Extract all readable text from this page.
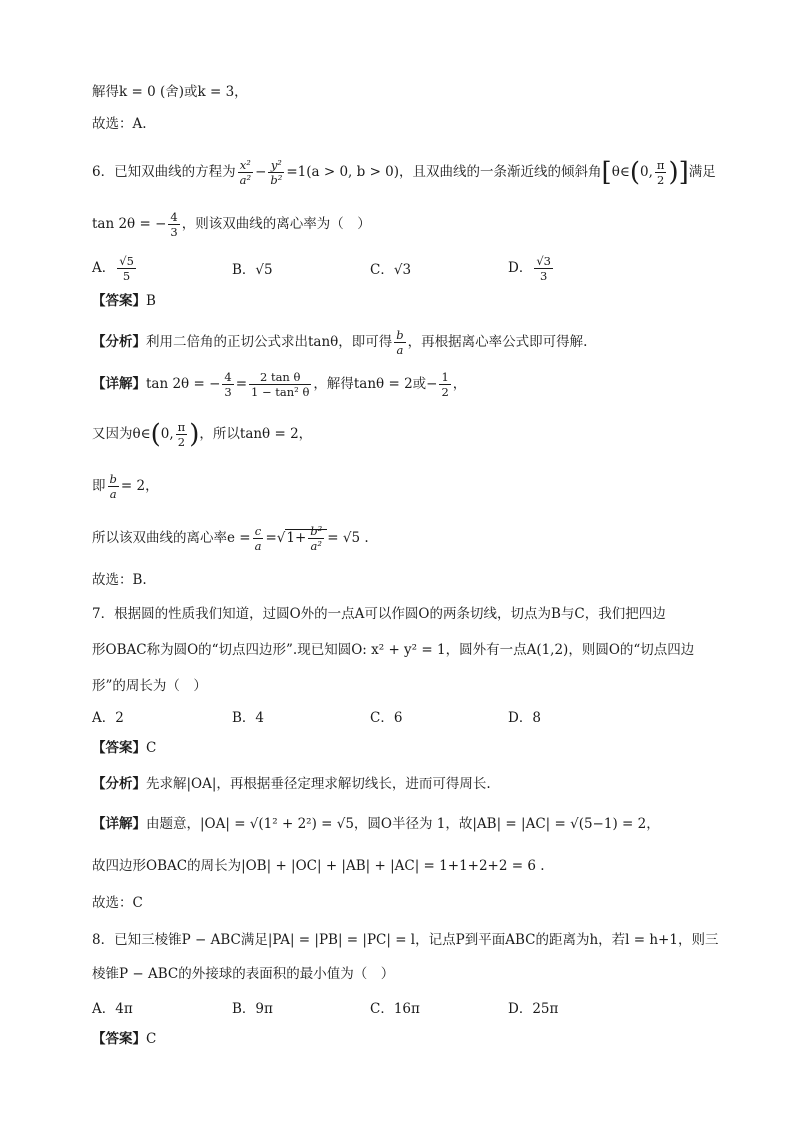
解得k = 0 (舍)或k = 3，
故选：A.
6．已知双曲线的方程为 $\frac{\text{x²}}{\text{a²}} - \frac{\text{y²}}{\text{b²}} =1(a > 0$, b > 0)，且双曲线的一条渐近线的倾斜角[θ∈(0, $\frac{\pi}{2}$ )]满足
tan 2θ = − $\frac{4}{3}$ ，则该双曲线的离心率为（　）
A． $\frac{√5}{5}$	B．√5	C．√3	D． $\frac{√3}{3}$
【答案】B
【分析】利用二倍角的正切公式求出tanθ，即可得 $\frac{b}{a}$ ，再根据离心率公式即可得解.
【详解】tan 2θ = − $\frac{4}{3} = \frac{\text{2 tan θ}}{\text{1 − tan² θ}}$ ，解得tanθ = 2或− $\frac{1}{2}$ ，
又因为θ∈(0, $\frac{\pi}{2}$ )，所以tanθ = 2，
即 $\frac{b}{a} = 2$，
所以该双曲线的离心率$e = \frac{c}{a} =√1+ \frac{\text{b²}}{\text{a²}} = √5$ .
故选：B.
7．根据圆的性质我们知道，过圆O外的一点A可以作圆O的两条切线，切点为B与C，我们把四边
形OBAC称为圆O的“切点四边形”.现已知圆O: x² + y² = 1，圆外有一点A(1,2)，则圆O的“切点四边
形”的周长为（　）
A．2	B．4	C．6	D．8
【答案】C
【分析】先求解|OA|，再根据垂径定理求解切线长，进而可得周长.
【详解】由题意，|OA| = √(1² + 2²) = √5，圆O半径为 1，故|AB| = |AC| = √(5−1) = 2，
故四边形OBAC的周长为|OB| + |OC| + |AB| + |AC| = 1+1+2+2 = 6 .
故选：C
8．已知三棱锥P − ABC满足|PA| = |PB| = |PC| = l，记点P到平面ABC的距离为h，若l = h+1，则三
棱锥P − ABC的外接球的表面积的最小值为（　）
A．4π	B．9π	C．16π	D．25π
【答案】C
